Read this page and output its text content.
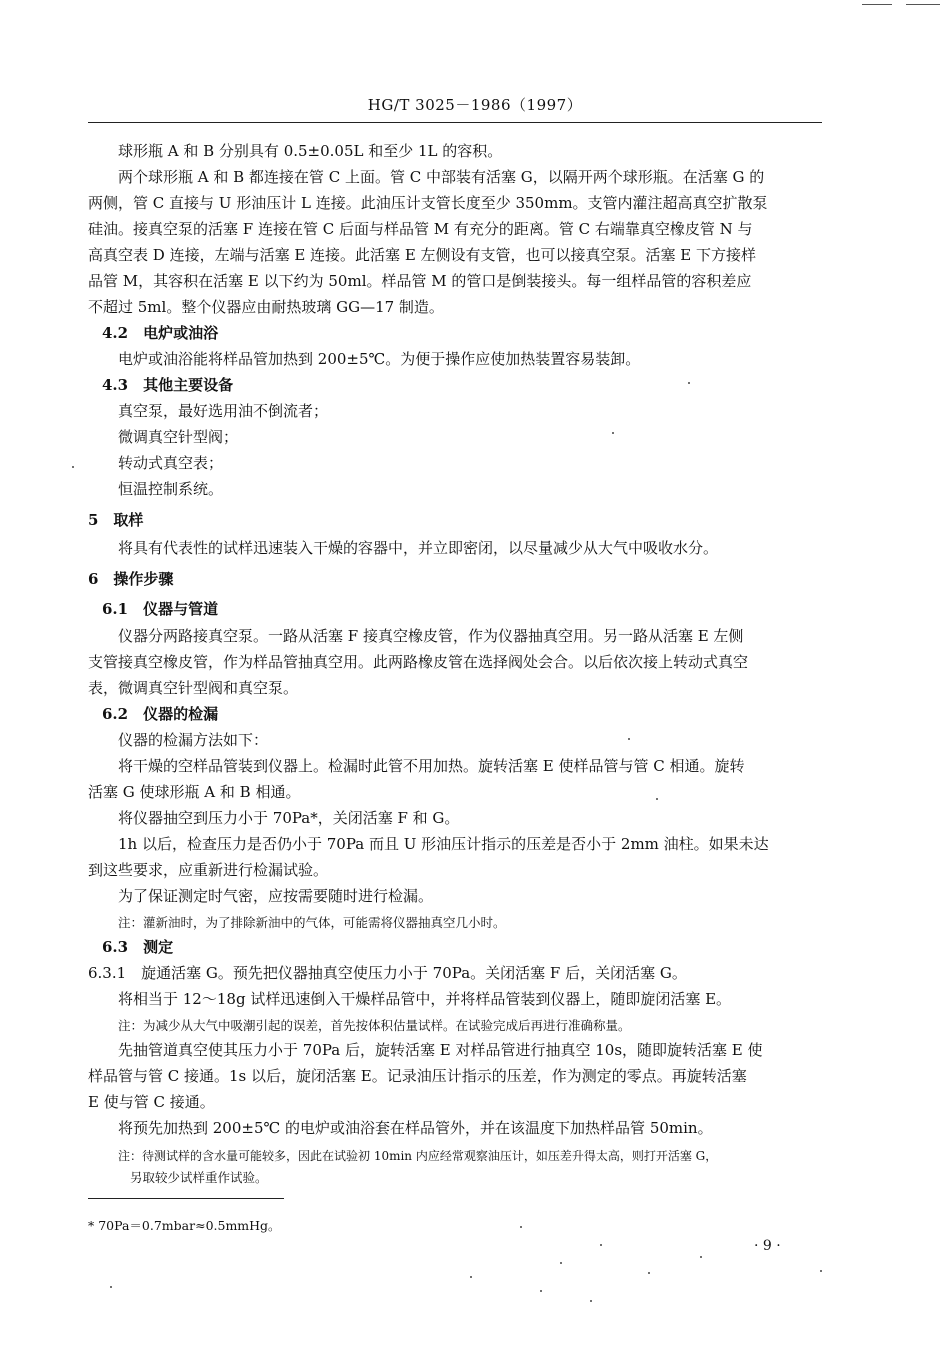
HG/T 3025－1986（1997）
球形瓶 A 和 B 分别具有 0.5±0.05L 和至少 1L 的容积。
两个球形瓶 A 和 B 都连接在管 C 上面。管 C 中部装有活塞 G，以隔开两个球形瓶。在活塞 G 的
两侧，管 C 直接与 U 形油压计 L 连接。此油压计支管长度至少 350mm。支管内灌注超高真空扩散泵
硅油。接真空泵的活塞 F 连接在管 C 后面与样品管 M 有充分的距离。管 C 右端靠真空橡皮管 N 与
高真空表 D 连接，左端与活塞 E 连接。此活塞 E 左侧设有支管，也可以接真空泵。活塞 E 下方接样
品管 M，其容积在活塞 E 以下约为 50ml。样品管 M 的管口是倒装接头。每一组样品管的容积差应
不超过 5ml。整个仪器应由耐热玻璃 GG—17 制造。
4.2　电炉或油浴
电炉或油浴能将样品管加热到 200±5℃。为便于操作应使加热装置容易装卸。
4.3　其他主要设备
真空泵，最好选用油不倒流者；
微调真空针型阀；
转动式真空表；
恒温控制系统。
5　取样
将具有代表性的试样迅速装入干燥的容器中，并立即密闭，以尽量减少从大气中吸收水分。
6　操作步骤
6.1　仪器与管道
仪器分两路接真空泵。一路从活塞 F 接真空橡皮管，作为仪器抽真空用。另一路从活塞 E 左侧
支管接真空橡皮管，作为样品管抽真空用。此两路橡皮管在选择阀处会合。以后依次接上转动式真空
表，微调真空针型阀和真空泵。
6.2　仪器的检漏
仪器的检漏方法如下：
将干燥的空样品管装到仪器上。检漏时此管不用加热。旋转活塞 E 使样品管与管 C 相通。旋转
活塞 G 使球形瓶 A 和 B 相通。
将仪器抽空到压力小于 70Pa*，关闭活塞 F 和 G。
1h 以后，检查压力是否仍小于 70Pa 而且 U 形油压计指示的压差是否小于 2mm 油柱。如果未达
到这些要求，应重新进行检漏试验。
为了保证测定时气密，应按需要随时进行检漏。
注：灌新油时，为了排除新油中的气体，可能需将仪器抽真空几小时。
6.3　测定
6.3.1　旋通活塞 G。预先把仪器抽真空使压力小于 70Pa。关闭活塞 F 后，关闭活塞 G。
将相当于 12～18g 试样迅速倒入干燥样品管中，并将样品管装到仪器上，随即旋闭活塞 E。
注：为减少从大气中吸潮引起的误差，首先按体积估量试样。在试验完成后再进行准确称量。
先抽管道真空使其压力小于 70Pa 后，旋转活塞 E 对样品管进行抽真空 10s，随即旋转活塞 E 使
样品管与管 C 接通。1s 以后，旋闭活塞 E。记录油压计指示的压差，作为测定的零点。再旋转活塞
E 使与管 C 接通。
将预先加热到 200±5℃ 的电炉或油浴套在样品管外，并在该温度下加热样品管 50min。
注：待测试样的含水量可能较多，因此在试验初 10min 内应经常观察油压计，如压差升得太高，则打开活塞 G，
另取较少试样重作试验。
* 70Pa＝0.7mbar≈0.5mmHg。
· 9 ·
